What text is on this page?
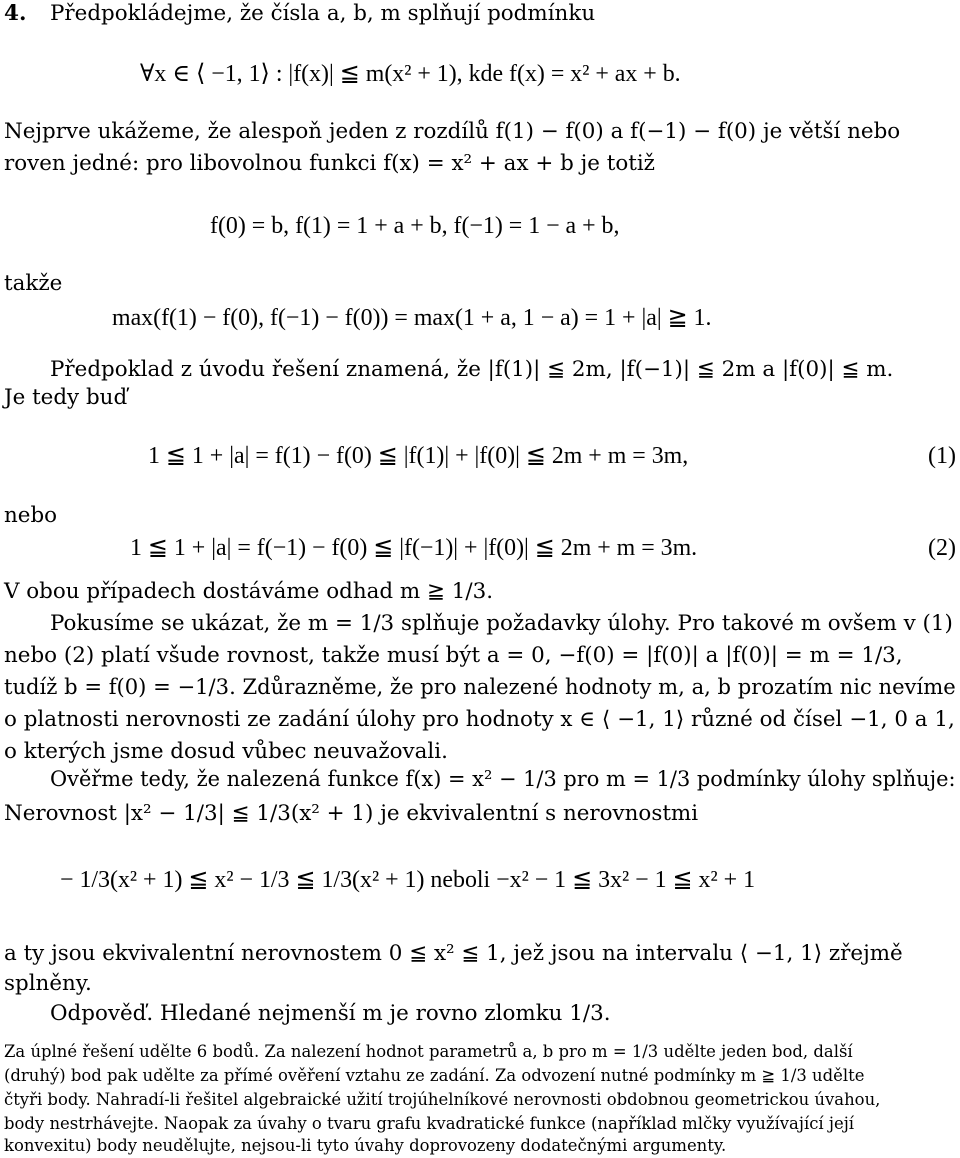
4. Předpokládejme, že čísla a, b, m splňují podmínku
∀x ∈ ⟨ −1, 1⟩ : |f(x)| ≦ m(x² + 1), kde f(x) = x² + ax + b.
Nejprve ukážeme, že alespoň jeden z rozdílů f(1) − f(0) a f(−1) − f(0) je větší nebo
roven jedné: pro libovolnou funkci f(x) = x² + ax + b je totiž
f(0) = b, f(1) = 1 + a + b, f(−1) = 1 − a + b,
takže
max(f(1) − f(0), f(−1) − f(0)) = max(1 + a, 1 − a) = 1 + |a| ≧ 1.
Předpoklad z úvodu řešení znamená, že |f(1)| ≦ 2m, |f(−1)| ≦ 2m a |f(0)| ≦ m.
Je tedy buď
1 ≦ 1 + |a| = f(1) − f(0) ≦ |f(1)| + |f(0)| ≦ 2m + m = 3m,	(1)
nebo
1 ≦ 1 + |a| = f(−1) − f(0) ≦ |f(−1)| + |f(0)| ≦ 2m + m = 3m.	(2)
V obou případech dostáváme odhad m ≧ 1/3.
Pokusíme se ukázat, že m = 1/3 splňuje požadavky úlohy. Pro takové m ovšem v (1)
nebo (2) platí všude rovnost, takže musí být a = 0, −f(0) = |f(0)| a |f(0)| = m = 1/3,
tudíž b = f(0) = −1/3. Zdůrazněme, že pro nalezené hodnoty m, a, b prozatím nic nevíme
o platnosti nerovnosti ze zadání úlohy pro hodnoty x ∈ ⟨ −1, 1⟩ různé od čísel −1, 0 a 1,
o kterých jsme dosud vůbec neuvažovali.
Ověřme tedy, že nalezená funkce f(x) = x² − 1/3 pro m = 1/3 podmínky úlohy splňuje:
Nerovnost |x² − 1/3| ≦ 1/3(x² + 1) je ekvivalentní s nerovnostmi
− 1/3(x² + 1) ≦ x² − 1/3 ≦ 1/3(x² + 1) neboli −x² − 1 ≦ 3x² − 1 ≦ x² + 1
a ty jsou ekvivalentní nerovnostem 0 ≦ x² ≦ 1, jež jsou na intervalu ⟨ −1, 1⟩ zřejmě
splněny.
Odpověď. Hledané nejmenší m je rovno zlomku 1/3.
Za úplné řešení udělte 6 bodů. Za nalezení hodnot parametrů a, b pro m = 1/3 udělte jeden bod, další
(druhý) bod pak udělte za přímé ověření vztahu ze zadání. Za odvození nutné podmínky m ≧ 1/3 udělte
čtyři body. Nahradí-li řešitel algebraické užití trojúhelníkové nerovnosti obdobnou geometrickou úvahou,
body nestrhávejte. Naopak za úvahy o tvaru grafu kvadratické funkce (například mlčky využívající její
konvexitu) body neudělujte, nejsou-li tyto úvahy doprovozeny dodatečnými argumenty.
